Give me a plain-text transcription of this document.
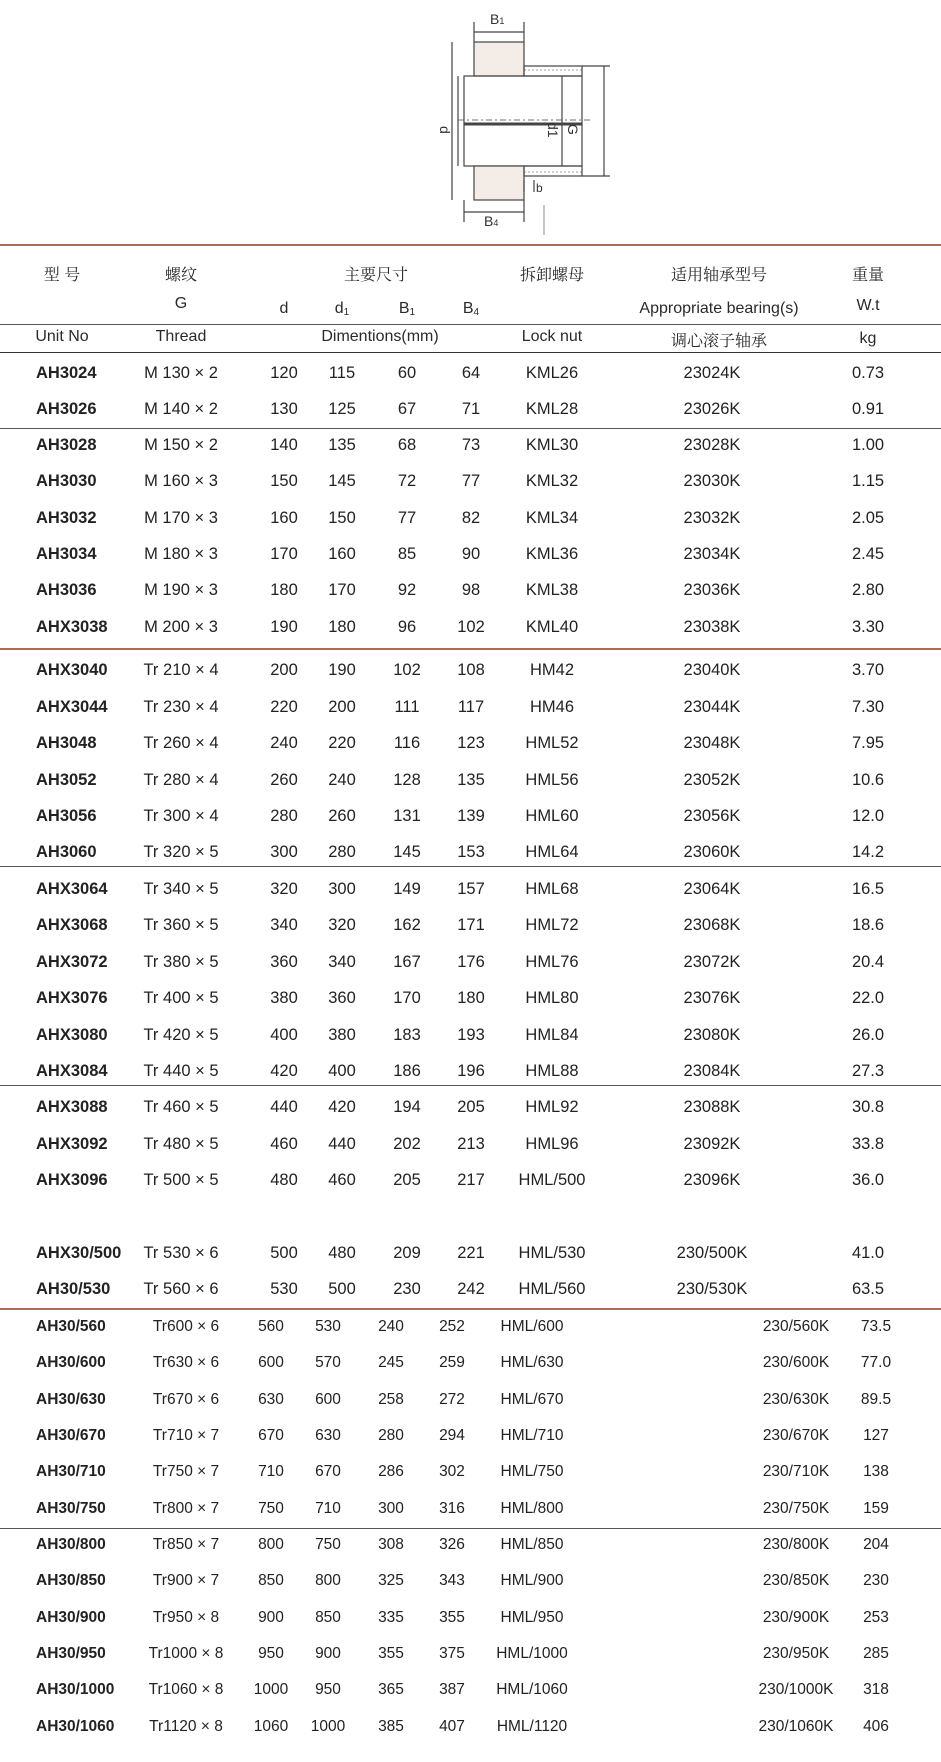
B1
B4
d	d1 G
b
型 号	螺纹	主要尺寸	拆卸螺母	适用轴承型号	重量
G	d	$d_1$	$B_1$	$B_4$	Appropriate bearing(s)	W.t
Unit No	Thread	Dimentions(mm)	Lock nut	调心滚子轴承	kg
AH3024	M 130 × 2	120 115	60	64	KML26	23024K	0.73
AH3026	M 140 × 2	130 125	67	71	KML28	23026K	0.91
AH3028	M 150 × 2	140 135	68	73	KML30	23028K	1.00
AH3030	M 160 × 3	150 145	72	77	KML32	23030K	1.15
AH3032	M 170 × 3	160 150	77	82	KML34	23032K	2.05
AH3034	M 180 × 3	170 160	85	90	KML36	23034K	2.45
AH3036	M 190 × 3	180 170	92	98	KML38	23036K	2.80
AHX3038 M 200 × 3	190 180	96 102 KML40	23038K	3.30
AHX3040 Tr 210 × 4	200 190 102 108	HM42	23040K	3.70
AHX3044 Tr 230 × 4	220 200 111 117	HM46	23044K	7.30
AH3048	Tr 260 × 4	240 220 116 123 HML52	23048K	7.95
AH3052	Tr 280 × 4	260 240 128 135 HML56	23052K	10.6
AH3056	Tr 300 × 4	280 260 131 139 HML60	23056K	12.0
AH3060	Tr 320 × 5	300 280 145 153 HML64	23060K	14.2
AHX3064 Tr 340 × 5	320 300 149 157 HML68	23064K	16.5
AHX3068 Tr 360 × 5	340 320 162 171 HML72	23068K	18.6
AHX3072 Tr 380 × 5	360 340 167 176 HML76	23072K	20.4
AHX3076 Tr 400 × 5	380 360 170 180 HML80	23076K	22.0
AHX3080 Tr 420 × 5	400 380 183 193 HML84	23080K	26.0
AHX3084 Tr 440 × 5	420 400 186 196 HML88	23084K	27.3
AHX3088 Tr 460 × 5	440 420 194 205 HML92	23088K	30.8
AHX3092 Tr 480 × 5	460 440 202 213 HML96	23092K	33.8
AHX3096 Tr 500 × 5	480 460 205 217 HML/500	23096K	36.0
AHX30/500 Tr 530 × 6	500 480 209 221 HML/530	230/500K	41.0
AH30/530 Tr 560 × 6	530 500 230 242 HML/560	230/530K	63.5
AH30/560	Tr600 × 6	560 530 240 252 HML/600	230/560K 73.5
AH30/600	Tr630 × 6	600 570 245 259 HML/630	230/600K 77.0
AH30/630	Tr670 × 6	630 600 258 272 HML/670	230/630K 89.5
AH30/670	Tr710 × 7	670 630 280 294 HML/710	230/670K 127
AH30/710	Tr750 × 7	710 670 286 302 HML/750	230/710K 138
AH30/750	Tr800 × 7	750 710 300 316 HML/800	230/750K 159
AH30/800	Tr850 × 7	800 750 308 326 HML/850	230/800K 204
AH30/850	Tr900 × 7	850 800 325 343 HML/900	230/850K 230
AH30/900	Tr950 × 8	900 850 335 355 HML/950	230/900K 253
AH30/950	Tr1000 × 8 950 900 355 375 HML/1000	230/950K 285
AH30/1000 Tr1060 × 8 1000 950 365 387 HML/1060	230/1000K 318
AH30/1060 Tr1120 × 8 1060 1000 385 407 HML/1120	230/1060K 406
